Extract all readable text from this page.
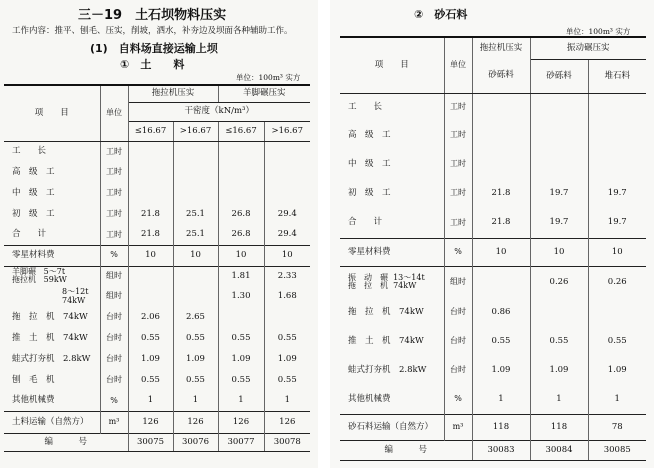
三－19　土石坝物料压实
工作内容：推平、刨毛、压实，削坡，洒水，补夯边及坝面各种辅助工作。
(1)　自料场直接运输上坝
①　土　　料
单位：100m³ 实方
项　　目	单位	拖拉机压实		羊脚碾压实	
		干密度（kN/m³）			
		≤16.67	>16.67	≤16.67	>16.67
工　　长	工时				
高　级　工	工时				
中　级　工	工时				
初　级　工	工时	21.8	25.1	26.8	29.4
合　　计	工时	21.8	25.1	26.8	29.4
零星材料费	%	10	10	10	10

羊脚碾 5～7t
拖拉机 59kW	组时			1.81	2.33

8～12t
74kW	组时			1.30	1.68
拖　拉　机　74kW	台时	2.06	2.65		
推　土　机　74kW	台时	0.55	0.55	0.55	0.55
蛙式打夯机　2.8kW	台时	1.09	1.09	1.09	1.09
刨　毛　机	台时	0.55	0.55	0.55	0.55
其他机械费	%	1	1	1	1
土料运输（自然方）	m³	126	126	126	126
编　　　号		30075	30076	30077	30078
②　砂石料
单位：100m³ 实方
项　　目	单位	拖拉机压实	振动碾压实	
		砂砾料	砂砾料	堆石料
工　　长	工时			
高　级　工	工时			
中　级　工	工时			
初　级　工	工时	21.8	19.7	19.7
合　　计	工时	21.8	19.7	19.7
零星材料费	%	10	10	10

振　动　碾 13～14t
拖　拉　机 74kW	组时		0.26	0.26
拖　拉　机　74kW	台时	0.86		
推　土　机　74kW	台时	0.55	0.55	0.55
蛙式打夯机　2.8kW	台时	1.09	1.09	1.09
其他机械费	%	1	1	1
砂石料运输（自然方）	m³	118	118	78
编　　　号		30083	30084	30085
